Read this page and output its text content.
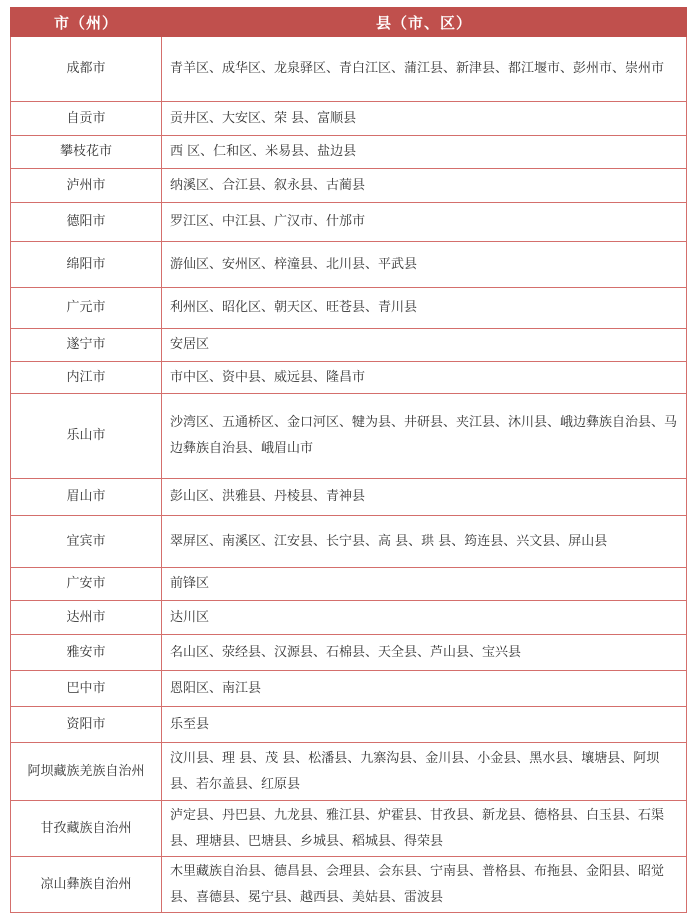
市（州）	县（市、区）
成都市	青羊区、成华区、龙泉驿区、青白江区、蒲江县、新津县、都江堰市、彭州市、崇州市
自贡市	贡井区、大安区、荣 县、富顺县
攀枝花市	西 区、仁和区、米易县、盐边县
泸州市	纳溪区、合江县、叙永县、古蔺县
德阳市	罗江区、中江县、广汉市、什邡市
绵阳市	游仙区、安州区、梓潼县、北川县、平武县
广元市	利州区、昭化区、朝天区、旺苍县、青川县
遂宁市	安居区
内江市	市中区、资中县、威远县、隆昌市
乐山市	沙湾区、五通桥区、金口河区、犍为县、井研县、夹江县、沐川县、峨边彝族自治县、马边彝族自治县、峨眉山市
眉山市	彭山区、洪雅县、丹棱县、青神县
宜宾市	翠屏区、南溪区、江安县、长宁县、高 县、珙 县、筠连县、兴文县、屏山县
广安市	前锋区
达州市	达川区
雅安市	名山区、荥经县、汉源县、石棉县、天全县、芦山县、宝兴县
巴中市	恩阳区、南江县
资阳市	乐至县
阿坝藏族羌族自治州	汶川县、理 县、茂 县、松潘县、九寨沟县、金川县、小金县、黑水县、壤塘县、阿坝县、若尔盖县、红原县
甘孜藏族自治州	泸定县、丹巴县、九龙县、雅江县、炉霍县、甘孜县、新龙县、德格县、白玉县、石渠县、理塘县、巴塘县、乡城县、稻城县、得荣县
凉山彝族自治州	木里藏族自治县、德昌县、会理县、会东县、宁南县、普格县、布拖县、金阳县、昭觉县、喜德县、冕宁县、越西县、美姑县、雷波县
